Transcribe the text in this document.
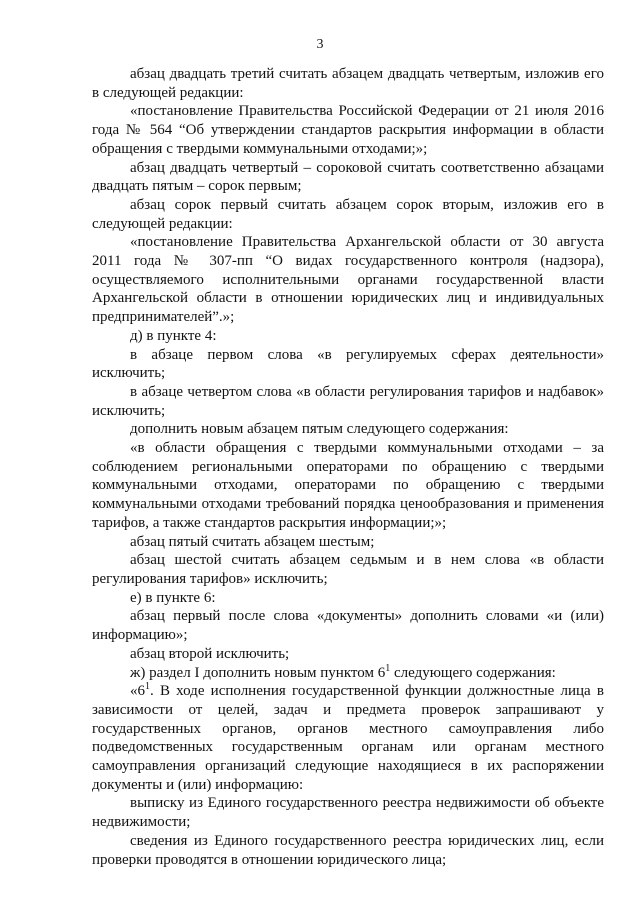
3

абзац двадцать третий считать абзацем двадцать четвертым, изложив его в следующей редакции:

«постановление Правительства Российской Федерации от 21 июля 2016 года № 564 “Об утверждении стандартов раскрытия информации в области обращения с твердыми коммунальными отходами;»;

абзац двадцать четвертый – сороковой считать соответственно абзацами двадцать пятым – сорок первым;

абзац сорок первый считать абзацем сорок вторым, изложив его в следующей редакции:

«постановление Правительства Архангельской области от 30 августа 2011 года № 307-пп “О видах государственного контроля (надзора), осуществляемого исполнительными органами государственной власти Архангельской области в отношении юридических лиц и индивидуальных предпринимателей”.»;

д) в пункте 4:

в абзаце первом слова «в регулируемых сферах деятельности» исключить;

в абзаце четвертом слова «в области регулирования тарифов и надбавок» исключить;

дополнить новым абзацем пятым следующего содержания:

«в области обращения с твердыми коммунальными отходами – за соблюдением региональными операторами по обращению с твердыми коммунальными отходами, операторами по обращению с твердыми коммунальными отходами требований порядка ценообразования и применения тарифов, а также стандартов раскрытия информации;»;

абзац пятый считать абзацем шестым;

абзац шестой считать абзацем седьмым и в нем слова «в области регулирования тарифов» исключить;

е) в пункте 6:

абзац первый после слова «документы» дополнить словами «и (или) информацию»;

абзац второй исключить;

ж) раздел I дополнить новым пунктом $6^1$ следующего содержания:

«$6^1$. В ходе исполнения государственной функции должностные лица в зависимости от целей, задач и предмета проверок запрашивают у государственных органов, органов местного самоуправления либо подведомственных государственным органам или органам местного самоуправления организаций следующие находящиеся в их распоряжении документы и (или) информацию:

выписку из Единого государственного реестра недвижимости об объекте недвижимости;

сведения из Единого государственного реестра юридических лиц, если проверки проводятся в отношении юридического лица;
